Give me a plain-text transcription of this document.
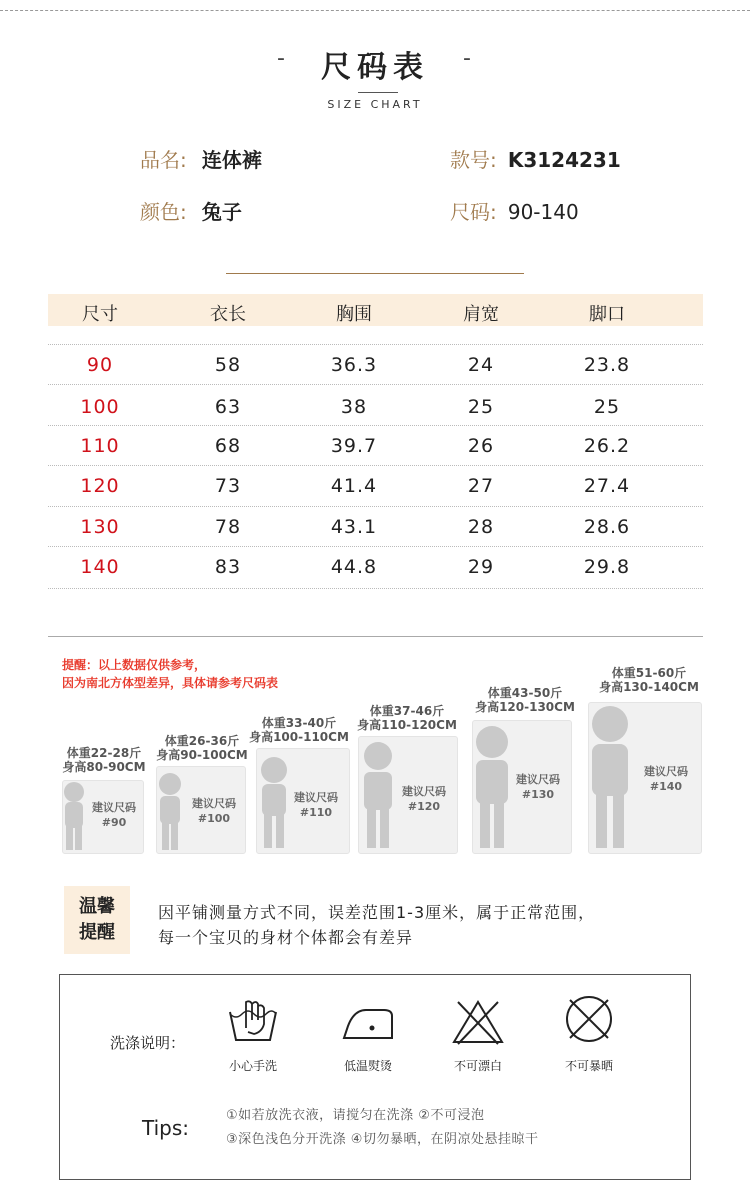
-	尺码表	-
SIZE CHART
品名: 连体裤	款号: K3124231
颜色: 兔子	尺码: 90-140
尺寸	衣长	胸围	肩宽	脚口
90	58	36.3	24	23.8
100	63	38	25	25
110	68	39.7	26	26.2
120	73	41.4	27	27.4
130	78	43.1	28	28.6
140	83	44.8	29	29.8
提醒：以上数据仅供参考，
因为南北方体型差异，具体请参考尺码表
体重22-28斤
身高80-90CM
建议尺码
#90
体重26-36斤
身高90-100CM
建议尺码
#100
体重33-40斤
身高100-110CM
建议尺码
#110
体重37-46斤
身高110-120CM
建议尺码
#120
体重43-50斤
身高120-130CM
建议尺码
#130
体重51-60斤
身高130-140CM
建议尺码
#140
温馨
提醒
因平铺测量方式不同，误差范围1-3厘米，属于正常范围，
每一个宝贝的身材个体都会有差异
洗涤说明：
小心手洗	低温熨烫	不可漂白	不可暴晒
Tips:
①如若放洗衣液，请搅匀在洗涤 ②不可浸泡
③深色浅色分开洗涤 ④切勿暴晒，在阴凉处悬挂晾干
